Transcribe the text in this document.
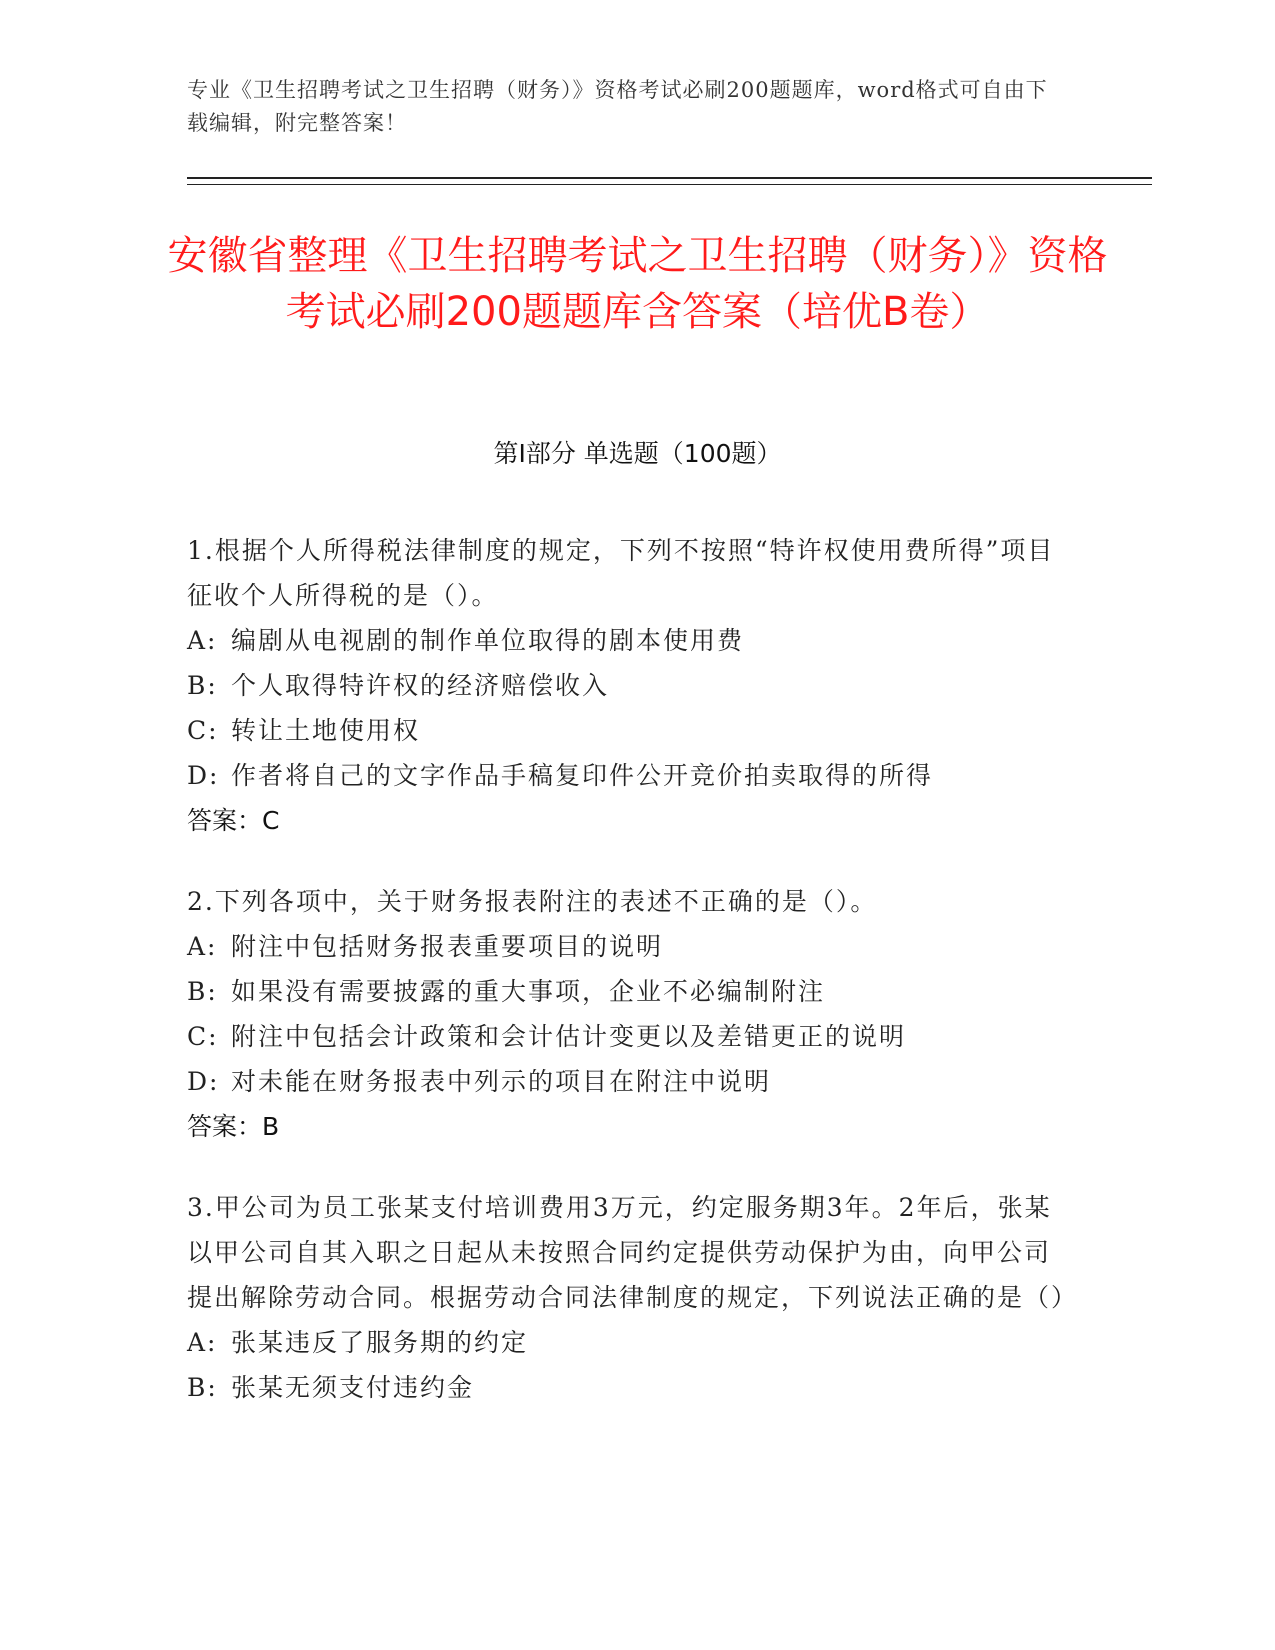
专业《卫生招聘考试之卫生招聘（财务）》资格考试必刷200题题库，word格式可自由下载编辑，附完整答案！
安徽省整理《卫生招聘考试之卫生招聘（财务）》资格考试必刷200题题库含答案（培优B卷）
第I部分 单选题（100题）
1.根据个人所得税法律制度的规定，下列不按照“特许权使用费所得”项目征收个人所得税的是（）。
A: 编剧从电视剧的制作单位取得的剧本使用费
B: 个人取得特许权的经济赔偿收入
C: 转让土地使用权
D: 作者将自己的文字作品手稿复印件公开竞价拍卖取得的所得
答案：C
2.下列各项中，关于财务报表附注的表述不正确的是（）。
A: 附注中包括财务报表重要项目的说明
B: 如果没有需要披露的重大事项，企业不必编制附注
C: 附注中包括会计政策和会计估计变更以及差错更正的说明
D: 对未能在财务报表中列示的项目在附注中说明
答案：B
3.甲公司为员工张某支付培训费用3万元，约定服务期3年。2年后，张某以甲公司自其入职之日起从未按照合同约定提供劳动保护为由，向甲公司提出解除劳动合同。根据劳动合同法律制度的规定，下列说法正确的是（）
A: 张某违反了服务期的约定
B: 张某无须支付违约金
